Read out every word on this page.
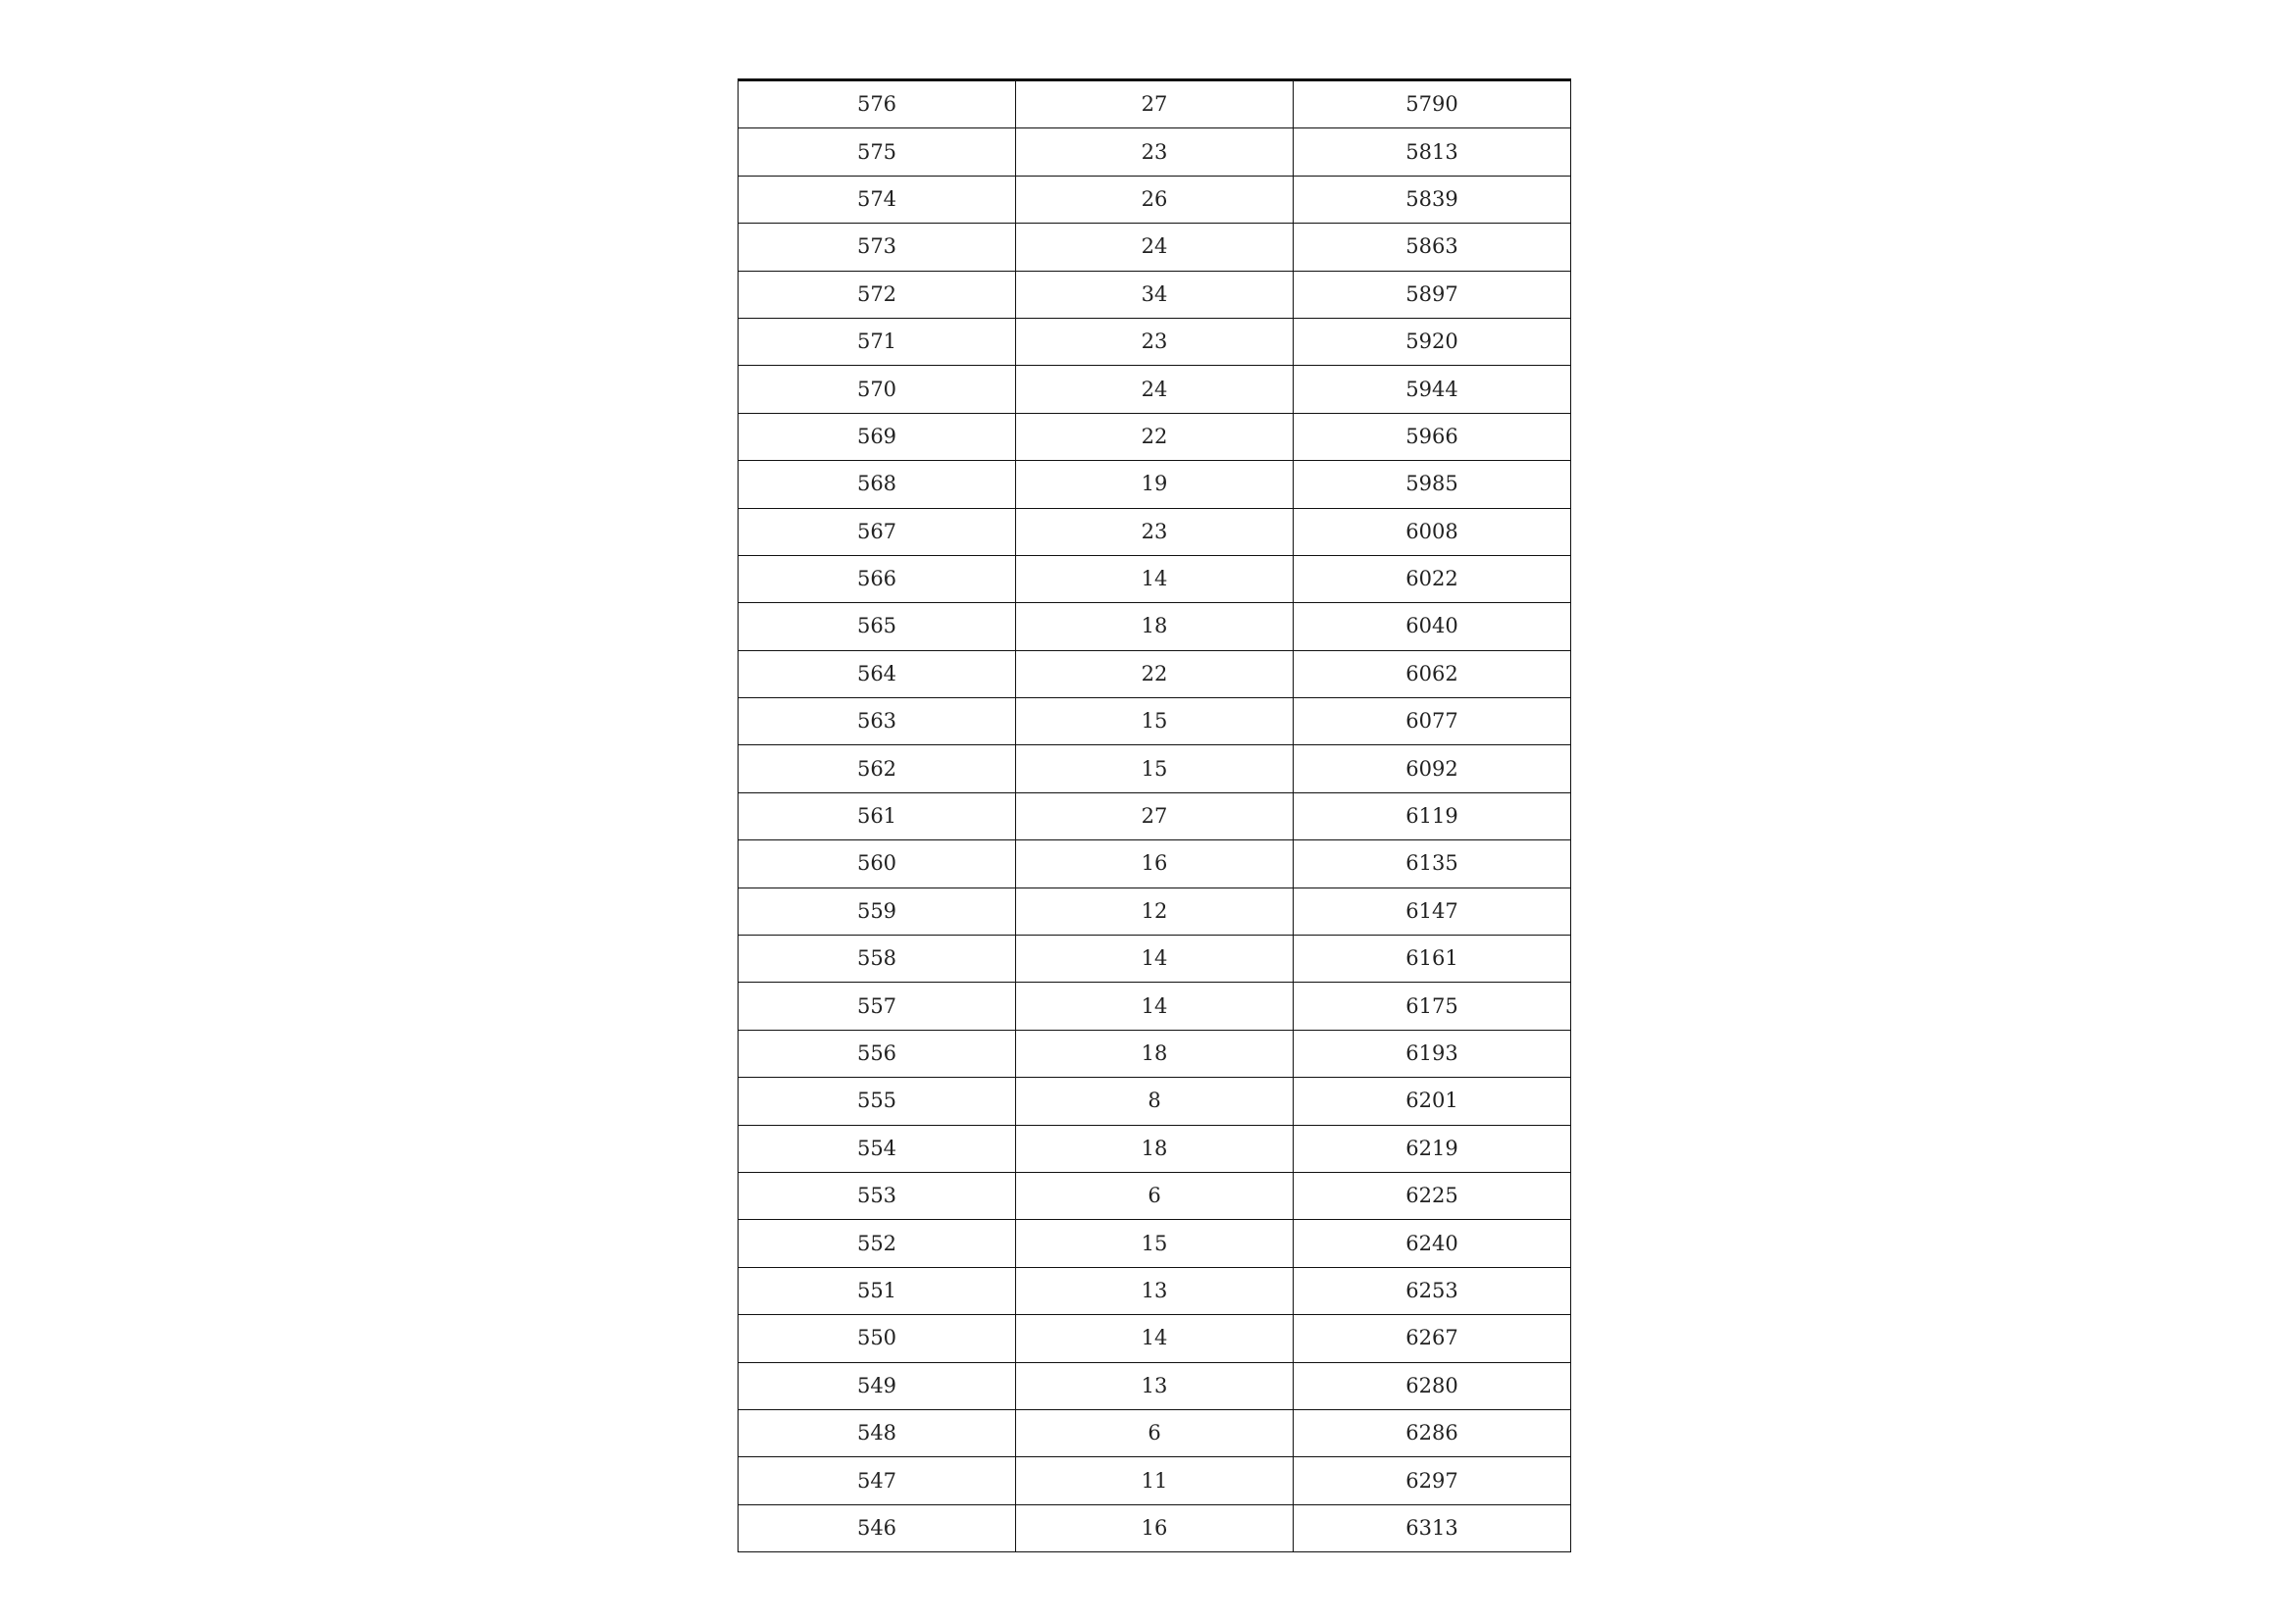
576	27	5790
575	23	5813
574	26	5839
573	24	5863
572	34	5897
571	23	5920
570	24	5944
569	22	5966
568	19	5985
567	23	6008
566	14	6022
565	18	6040
564	22	6062
563	15	6077
562	15	6092
561	27	6119
560	16	6135
559	12	6147
558	14	6161
557	14	6175
556	18	6193
555	8	6201
554	18	6219
553	6	6225
552	15	6240
551	13	6253
550	14	6267
549	13	6280
548	6	6286
547	11	6297
546	16	6313
